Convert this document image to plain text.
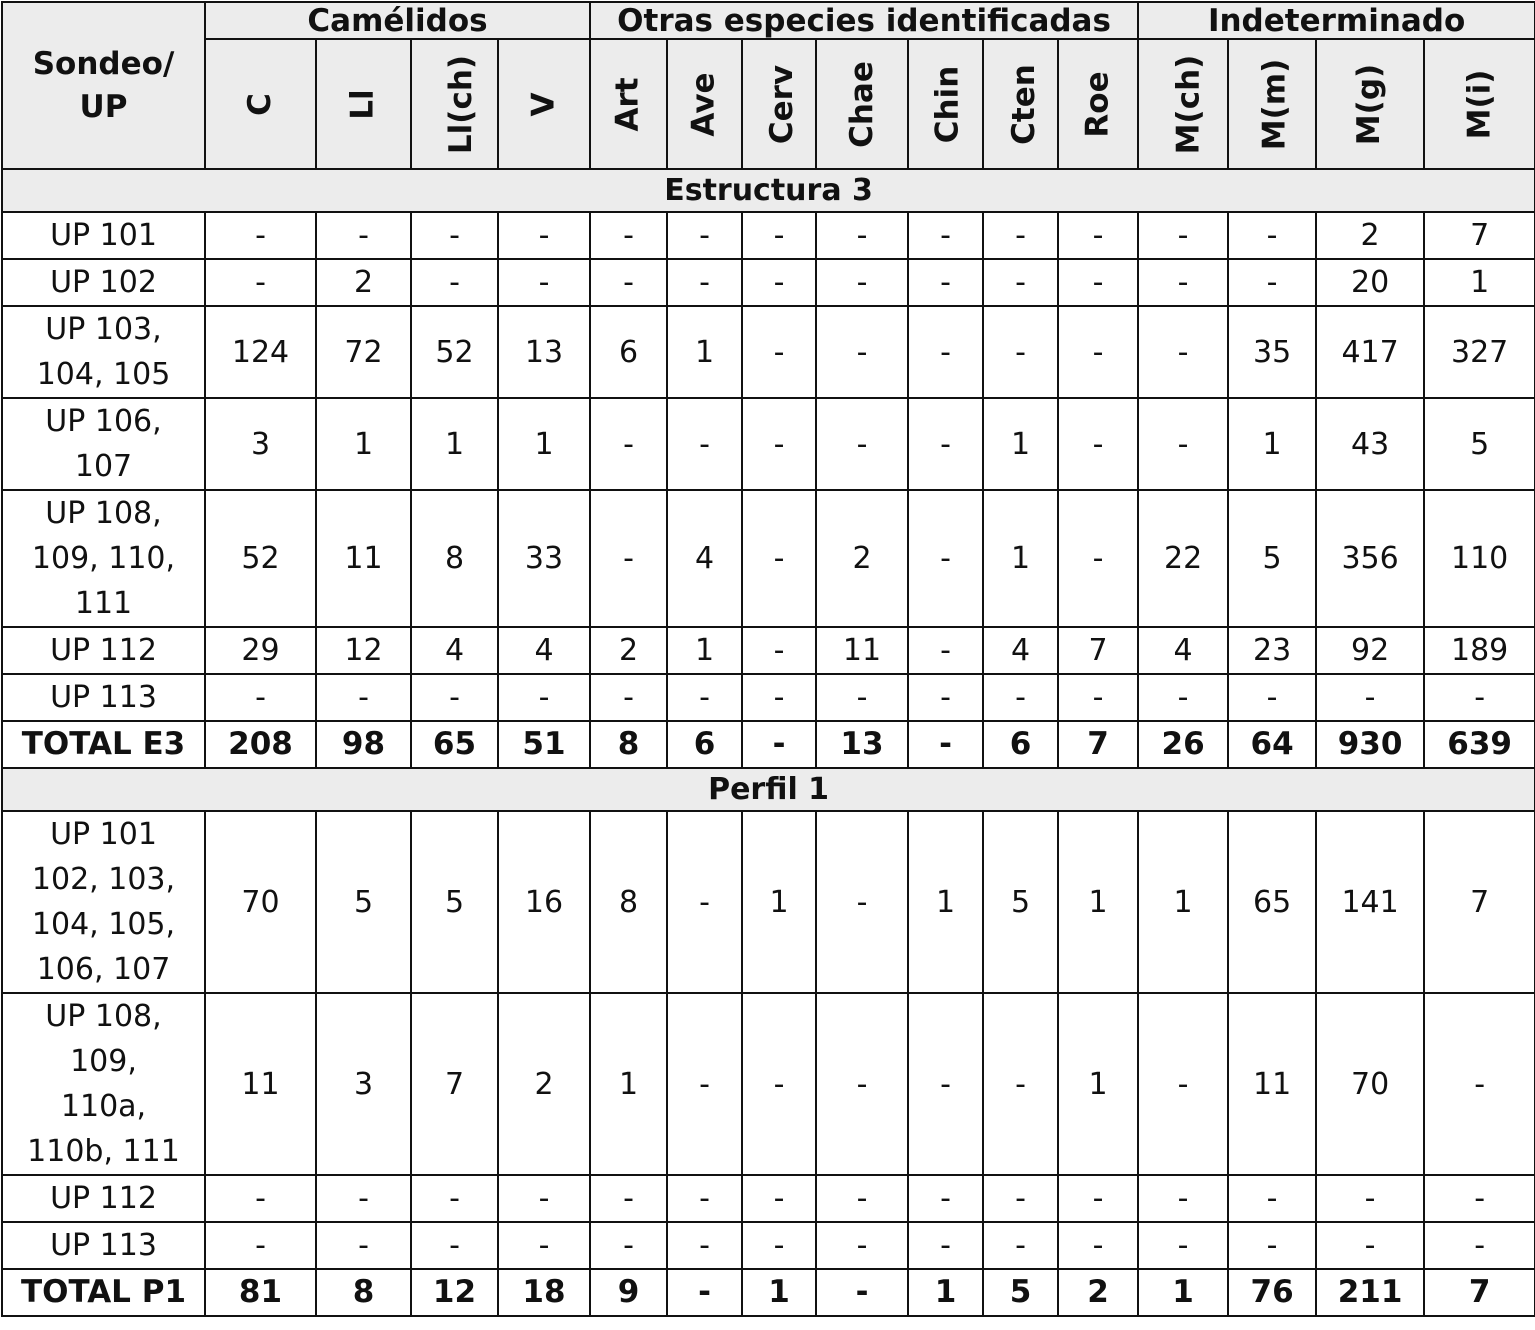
Sondeo/
UP	Camélidos				Otras especies identificadas							Indeterminado			
	C	Ll	Ll(ch)	V	Art	Ave	Cerv	Chae	Chin	Cten	Roe	M(ch)	M(m)	M(g)	M(i)
Estructura 3															
UP 101	-	-	-	-	-	-	-	-	-	-	-	-	-	2	7
UP 102	-	2	-	-	-	-	-	-	-	-	-	-	-	20	1
UP 103,
104, 105	124	72	52	13	6	1	-	-	-	-	-	-	35	417	327
UP 106,
107	3	1	1	1	-	-	-	-	-	1	-	-	1	43	5
UP 108,
109, 110,
111	52	11	8	33	-	4	-	2	-	1	-	22	5	356	110
UP 112	29	12	4	4	2	1	-	11	-	4	7	4	23	92	189
UP 113	-	-	-	-	-	-	-	-	-	-	-	-	-	-	-
TOTAL E3	208	98	65	51	8	6	-	13	-	6	7	26	64	930	639
Perfil 1															
UP 101
102, 103,
104, 105,
106, 107	70	5	5	16	8	-	1	-	1	5	1	1	65	141	7
UP 108,
109,
110a,
110b, 111	11	3	7	2	1	-	-	-	-	-	1	-	11	70	-
UP 112	-	-	-	-	-	-	-	-	-	-	-	-	-	-	-
UP 113	-	-	-	-	-	-	-	-	-	-	-	-	-	-	-
TOTAL P1	81	8	12	18	9	-	1	-	1	5	2	1	76	211	7
